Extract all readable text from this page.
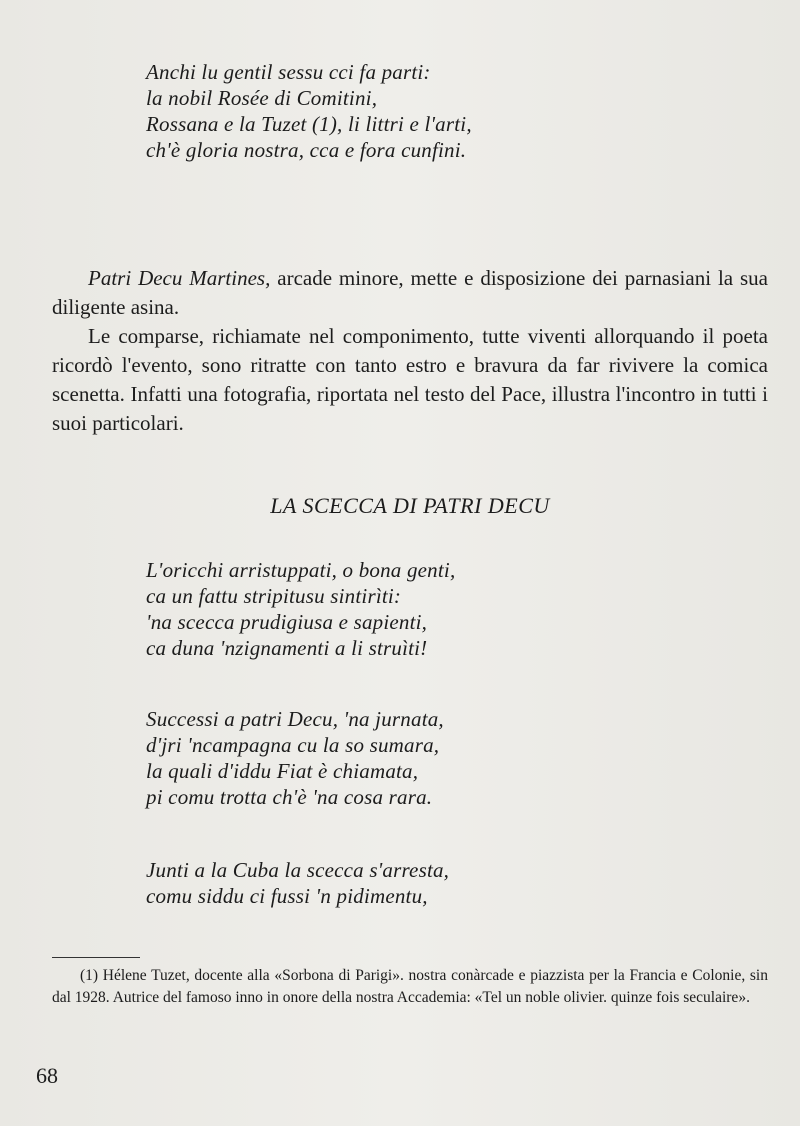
Anchi lu gentil sessu cci fa parti:
la nobil Rosée di Comitini,
Rossana e la Tuzet (1), li littri e l'arti,
ch'è gloria nostra, cca e fora cunfini.

Patri Decu Martines, arcade minore, mette e disposizione dei parnasiani la sua diligente asina.

Le comparse, richiamate nel componimento, tutte viventi allorquando il poeta ricordò l'evento, sono ritratte con tanto estro e bravura da far rivivere la comica scenetta. Infatti una fotografia, riportata nel testo del Pace, illustra l'incontro in tutti i suoi particolari.

LA SCECCA DI PATRI DECU
L'oricchi arristuppati, o bona genti,
ca un fattu stripitusu sintirìti:
'na scecca prudigiusa e sapienti,
ca duna 'nzignamenti a li struìti!
Successi a patri Decu, 'na jurnata,
d'jri 'ncampagna cu la so sumara,
la quali d'iddu Fiat è chiamata,
pi comu trotta ch'è 'na cosa rara.
Junti a la Cuba la scecca s'arresta,
comu siddu ci fussi 'n pidimentu,

(1) Hélene Tuzet, docente alla «Sorbona di Parigi». nostra conàrcade e piazzista per la Francia e Colonie, sin dal 1928. Autrice del famoso inno in onore della nostra Accademia: «Tel un noble olivier. quinze fois seculaire».

68
